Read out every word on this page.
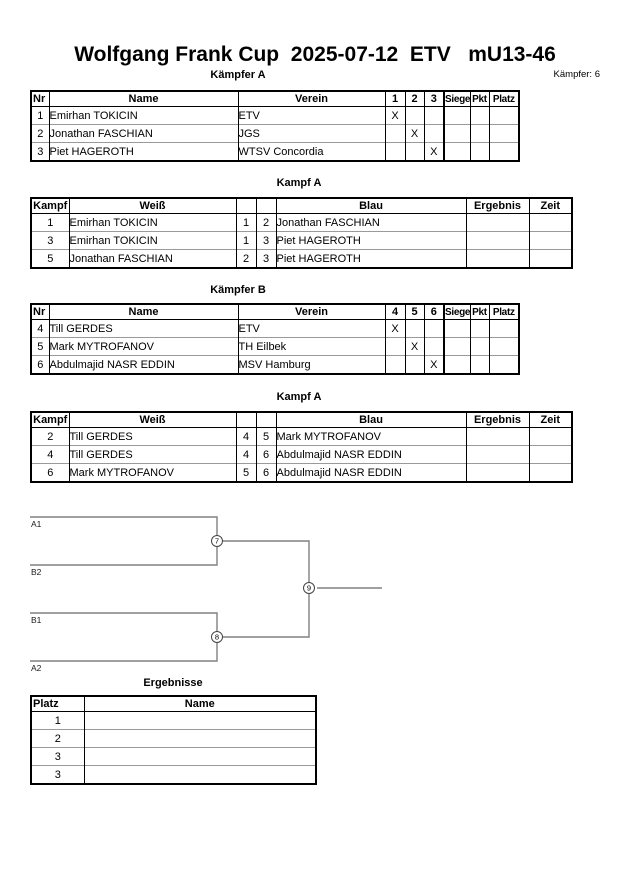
Wolfgang Frank Cup  2025-07-12  ETV   mU13-46
Kämpfer: 6
Kämpfer A
Nr	Name	Verein	1	2	3	Siege	Pkt	Platz
1	Emirhan TOKICIN	ETV	X					
2	Jonathan FASCHIAN	JGS		X				
3	Piet HAGEROTH	WTSV Concordia			X			
Kampf A
Kampf	Weiß			Blau	Ergebnis	Zeit
1	Emirhan TOKICIN	1	2	Jonathan FASCHIAN		
3	Emirhan TOKICIN	1	3	Piet HAGEROTH		
5	Jonathan FASCHIAN	2	3	Piet HAGEROTH		
Kämpfer B
Nr	Name	Verein	4	5	6	Siege	Pkt	Platz
4	Till GERDES	ETV	X					
5	Mark MYTROFANOV	TH Eilbek		X				
6	Abdulmajid NASR EDDIN	MSV Hamburg			X			
Kampf A
Kampf	Weiß			Blau	Ergebnis	Zeit
2	Till GERDES	4	5	Mark MYTROFANOV		
4	Till GERDES	4	6	Abdulmajid NASR EDDIN		
6	Mark MYTROFANOV	5	6	Abdulmajid NASR EDDIN		
A1
B2
B1
A2
7
8
9
Ergebnisse
Platz	Name
1	
2	
3	
3	
